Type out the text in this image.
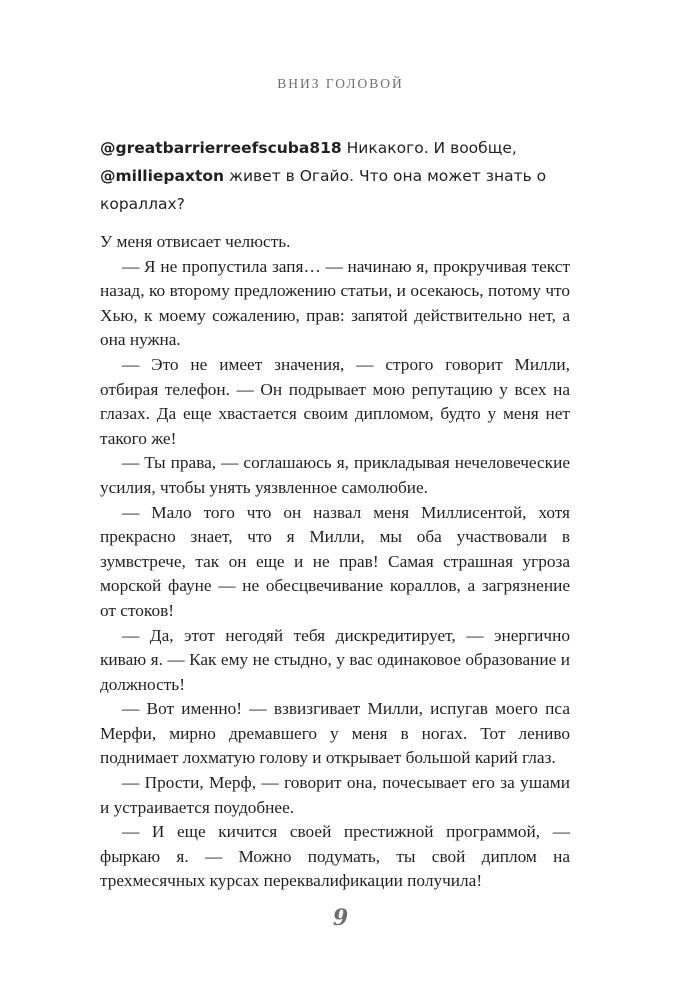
ВНИЗ ГОЛОВОЙ
@greatbarrierreefscuba818 Никакого. И вообще,
@milliepaxton живет в Огайо. Что она может знать о кораллах?

У меня отвисает челюсть.

— Я не пропустила запя… — начинаю я, прокручивая текст назад, ко второму предложению статьи, и осекаюсь, потому что Хью, к моему сожалению, прав: запятой действительно нет, а она нужна.

— Это не имеет значения, — строго говорит Милли, отбирая телефон. — Он подрывает мою репутацию у всех на глазах. Да еще хвастается своим дипломом, будто у меня нет такого же!

— Ты права, — соглашаюсь я, прикладывая нечеловеческие усилия, чтобы унять уязвленное самолюбие.

— Мало того что он назвал меня Миллисентой, хотя прекрасно знает, что я Милли, мы оба участвовали в зумвстрече, так он еще и не прав! Самая страшная угроза морской фауне — не обесцвечивание кораллов, а загрязнение от стоков!

— Да, этот негодяй тебя дискредитирует, — энергично киваю я. — Как ему не стыдно, у вас одинаковое образование и должность!

— Вот именно! — взвизгивает Милли, испугав моего пса Мерфи, мирно дремавшего у меня в ногах. Тот лениво поднимает лохматую голову и открывает большой карий глаз.

— Прости, Мерф, — говорит она, почесывает его за ушами и устраивается поудобнее.

— И еще кичится своей престижной программой, — фыркаю я. — Можно подумать, ты свой диплом на трехмесячных курсах переквалификации получила!

9
